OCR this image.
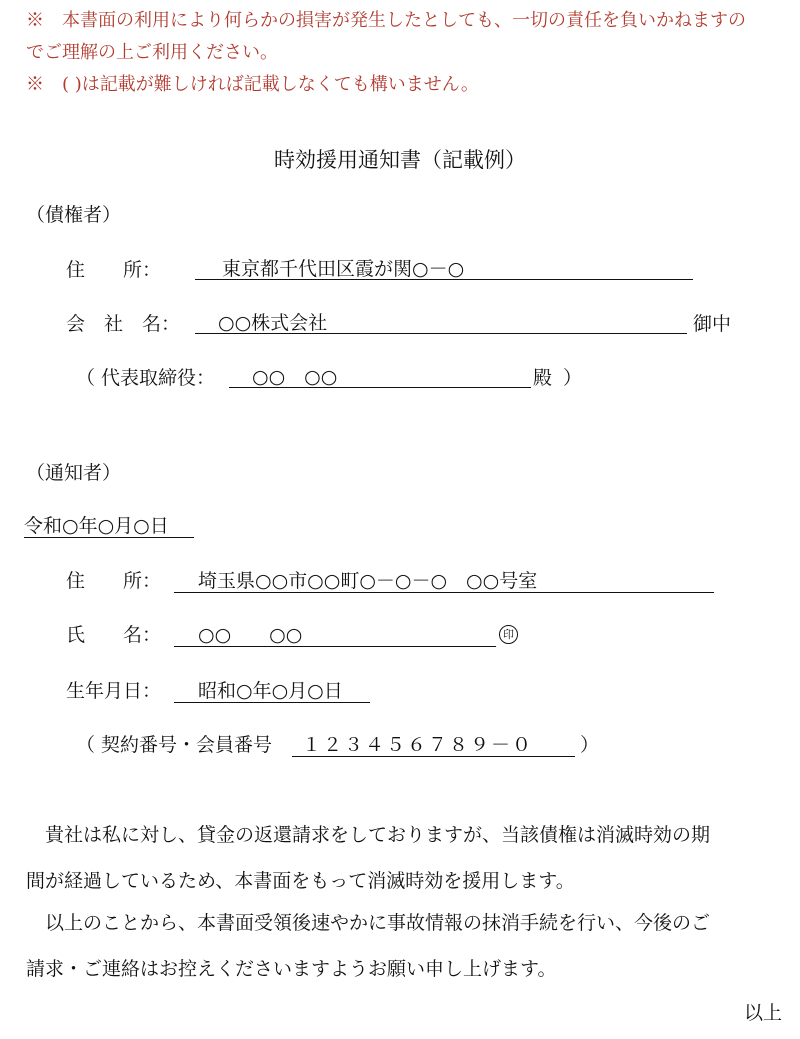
※　本書面の利用により何らかの損害が発生したとしても、一切の責任を負いかねますの
でご理解の上ご利用ください。
※　( )は記載が難しければ記載しなくても構いません。
時効援用通知書（記載例）
（債権者）
住　　所：	東京都千代田区霞が関○－○
会　社　名： ○○株式会社	御中
（ 代表取締役： ○○　○○	殿 ）
（通知者）
令和○年○月○日
住　　所： 埼玉県○○市○○町○－○－○　○○号室
氏　　名： ○○　　○○	印
生年月日： 昭和○年○月○日
（ 契約番号・会員番号 １２３４５６７８９－０ ）
　貴社は私に対し、貸金の返還請求をしておりますが、当該債権は消滅時効の期
間が経過しているため、本書面をもって消滅時効を援用します。
　以上のことから、本書面受領後速やかに事故情報の抹消手続を行い、今後のご
請求・ご連絡はお控えくださいますようお願い申し上げます。
以上
